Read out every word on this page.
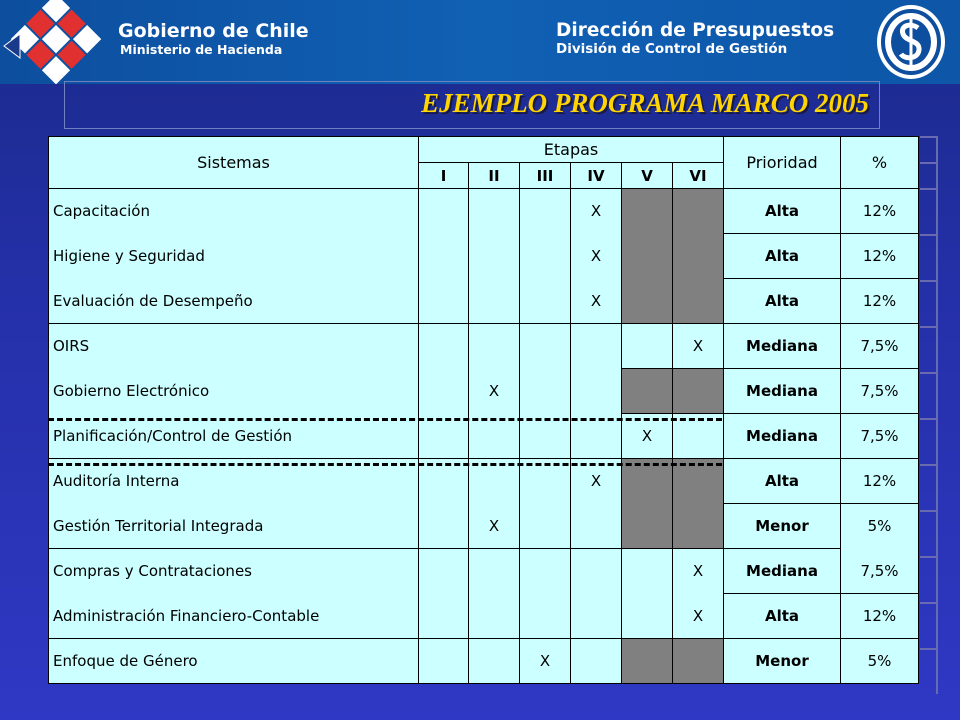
Gobierno de Chile
Ministerio de Hacienda
Dirección de Presupuestos
División de Control de Gestión
EJEMPLO PROGRAMA MARCO 2005
Sistemas	Etapas						Prioridad	%
	I	II	III	IV	V	VI		
Capacitación				X			Alta	12%
Higiene y Seguridad				X			Alta	12%
Evaluación de Desempeño				X			Alta	12%
OIRS						X	Mediana	7,5%
Gobierno Electrónico		X					Mediana	7,5%
Planificación/Control de Gestión					X		Mediana	7,5%
Auditoría Interna				X			Alta	12%
Gestión Territorial Integrada		X					Menor	5%
Compras y Contrataciones						X	Mediana	7,5%
Administración Financiero-Contable						X	Alta	12%
Enfoque de Género			X				Menor	5%
